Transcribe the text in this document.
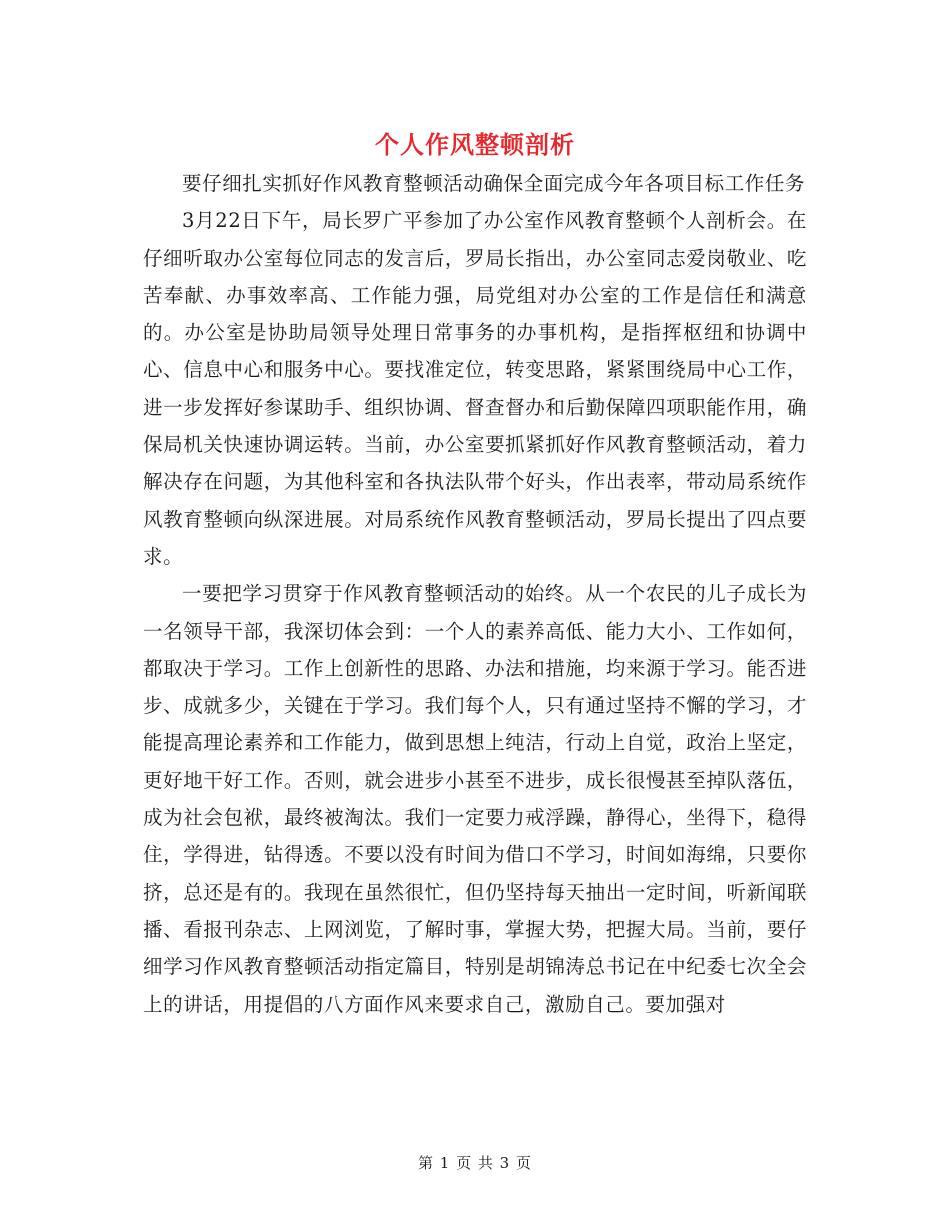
个人作风整顿剖析

要仔细扎实抓好作风教育整顿活动确保全面完成今年各项目标工作任务

3月22日下午，局长罗广平参加了办公室作风教育整顿个人剖析会。在仔细听取办公室每位同志的发言后，罗局长指出，办公室同志爱岗敬业、吃苦奉献、办事效率高、工作能力强，局党组对办公室的工作是信任和满意的。办公室是协助局领导处理日常事务的办事机构，是指挥枢纽和协调中心、信息中心和服务中心。要找准定位，转变思路，紧紧围绕局中心工作，进一步发挥好参谋助手、组织协调、督查督办和后勤保障四项职能作用，确保局机关快速协调运转。当前，办公室要抓紧抓好作风教育整顿活动，着力解决存在问题，为其他科室和各执法队带个好头，作出表率，带动局系统作风教育整顿向纵深进展。对局系统作风教育整顿活动，罗局长提出了四点要求。

一要把学习贯穿于作风教育整顿活动的始终。从一个农民的儿子成长为一名领导干部，我深切体会到：一个人的素养高低、能力大小、工作如何，都取决于学习。工作上创新性的思路、办法和措施，均来源于学习。能否进步、成就多少，关键在于学习。我们每个人，只有通过坚持不懈的学习，才能提高理论素养和工作能力，做到思想上纯洁，行动上自觉，政治上坚定，更好地干好工作。否则，就会进步小甚至不进步，成长很慢甚至掉队落伍，成为社会包袱，最终被淘汰。我们一定要力戒浮躁，静得心，坐得下，稳得住，学得进，钻得透。不要以没有时间为借口不学习，时间如海绵，只要你挤，总还是有的。我现在虽然很忙，但仍坚持每天抽出一定时间，听新闻联播、看报刊杂志、上网浏览，了解时事，掌握大势，把握大局。当前，要仔细学习作风教育整顿活动指定篇目，特别是胡锦涛总书记在中纪委七次全会上的讲话，用提倡的八方面作风来要求自己，激励自己。要加强对

第 1 页 共 3 页
